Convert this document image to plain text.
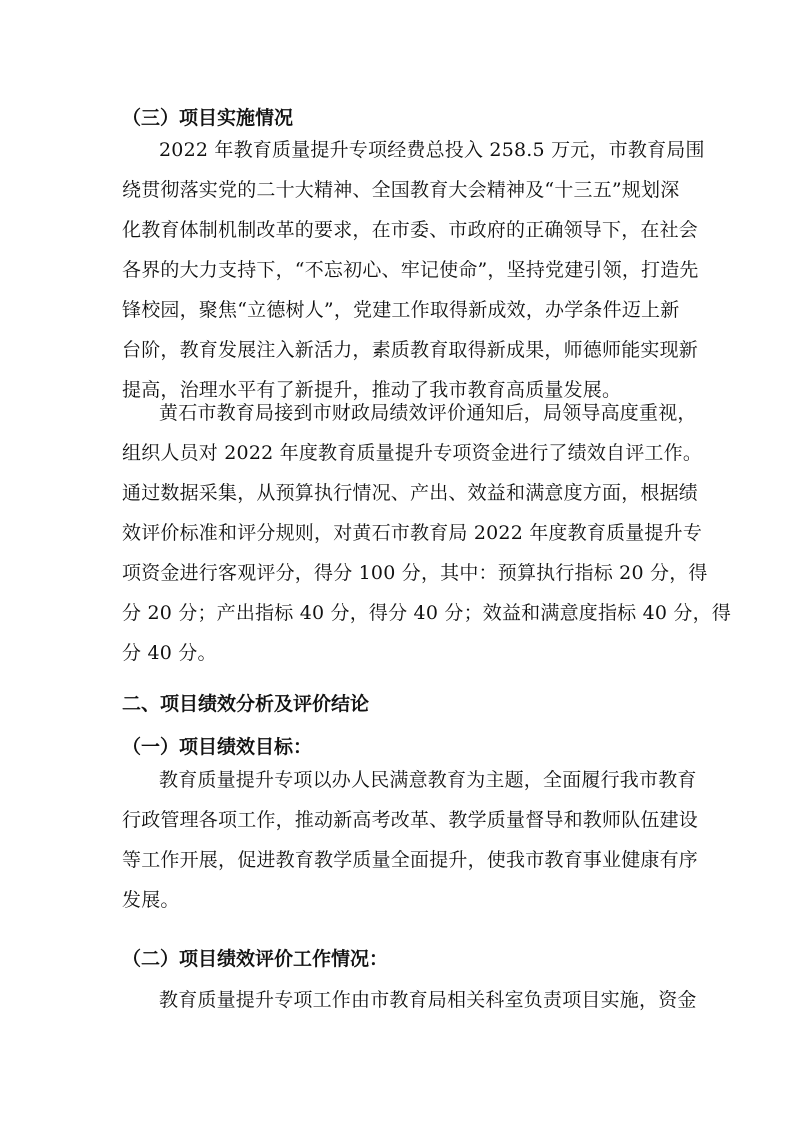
（三）项目实施情况
2022 年教育质量提升专项经费总投入 258.5 万元，市教育局围
绕贯彻落实党的二十大精神、全国教育大会精神及“十三五”规划深
化教育体制机制改革的要求，在市委、市政府的正确领导下，在社会
各界的大力支持下，“不忘初心、牢记使命”，坚持党建引领，打造先
锋校园，聚焦“立德树人”，党建工作取得新成效，办学条件迈上新
台阶，教育发展注入新活力，素质教育取得新成果，师德师能实现新
提高，治理水平有了新提升，推动了我市教育高质量发展。
黄石市教育局接到市财政局绩效评价通知后，局领导高度重视，
组织人员对 2022 年度教育质量提升专项资金进行了绩效自评工作。
通过数据采集，从预算执行情况、产出、效益和满意度方面，根据绩
效评价标准和评分规则，对黄石市教育局 2022 年度教育质量提升专
项资金进行客观评分，得分 100 分，其中：预算执行指标 20 分，得
分 20 分；产出指标 40 分，得分 40 分；效益和满意度指标 40 分，得
分 40 分。
二、项目绩效分析及评价结论
（一）项目绩效目标：
教育质量提升专项以办人民满意教育为主题，全面履行我市教育
行政管理各项工作，推动新高考改革、教学质量督导和教师队伍建设
等工作开展，促进教育教学质量全面提升，使我市教育事业健康有序
发展。
（二）项目绩效评价工作情况：
教育质量提升专项工作由市教育局相关科室负责项目实施，资金
